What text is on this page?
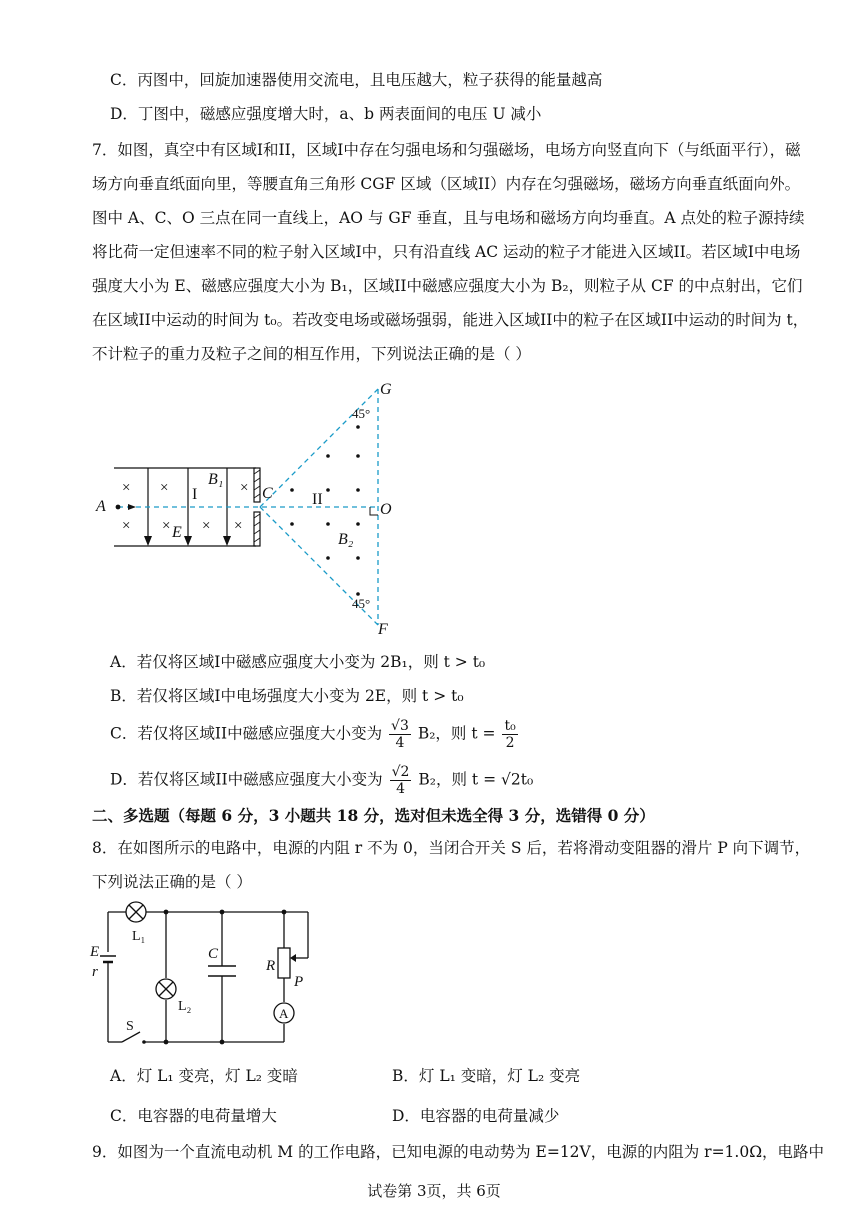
C．丙图中，回旋加速器使用交流电，且电压越大，粒子获得的能量越高
D．丁图中，磁感应强度增大时，a、b 两表面间的电压 U 减小
7．如图，真空中有区域I和II，区域I中存在匀强电场和匀强磁场，电场方向竖直向下（与纸面平行），磁
场方向垂直纸面向里，等腰直角三角形 CGF 区域（区域II）内存在匀强磁场，磁场方向垂直纸面向外。
图中 A、C、O 三点在同一直线上，AO 与 GF 垂直，且与电场和磁场方向均垂直。A 点处的粒子源持续
将比荷一定但速率不同的粒子射入区域I中，只有沿直线 AC 运动的粒子才能进入区域II。若区域I中电场
强度大小为 E、磁感应强度大小为 B₁，区域II中磁感应强度大小为 B₂，则粒子从 CF 的中点射出，它们
在区域II中运动的时间为 t₀。若改变电场或磁场强弱，能进入区域II中的粒子在区域II中运动的时间为 t，
不计粒子的重力及粒子之间的相互作用，下列说法正确的是（ ）
× ×	×
× × × ×
A
C
O
G
F
E
B₁
B₂
I	II
45°
45°
A．若仅将区域I中磁感应强度大小变为 2B₁，则 t > t₀
B．若仅将区域I中电场强度大小变为 2E，则 t > t₀
C．若仅将区域II中磁感应强度大小变为 $\frac{√3}{4} B_2$，则 $t = \frac{\text{t₀}}{2}$
D．若仅将区域II中磁感应强度大小变为 $\frac{√2}{4} B_2$，则 t = √2t₀
二、多选题（每题 6 分，3 小题共 18 分，选对但未选全得 3 分，选错得 0 分）
8．在如图所示的电路中，电源的内阻 r 不为 0，当闭合开关 S 后，若将滑动变阻器的滑片 P 向下调节，
下列说法正确的是（ ）
A
E
r
C
R
P
L₁
L₂
S
A．灯 L₁ 变亮，灯 L₂ 变暗	B．灯 L₁ 变暗，灯 L₂ 变亮
C．电容器的电荷量增大	D．电容器的电荷量减少
9．如图为一个直流电动机 M 的工作电路，已知电源的电动势为 E=12V，电源的内阻为 r=1.0Ω，电路中
试卷第 3页，共 6页
